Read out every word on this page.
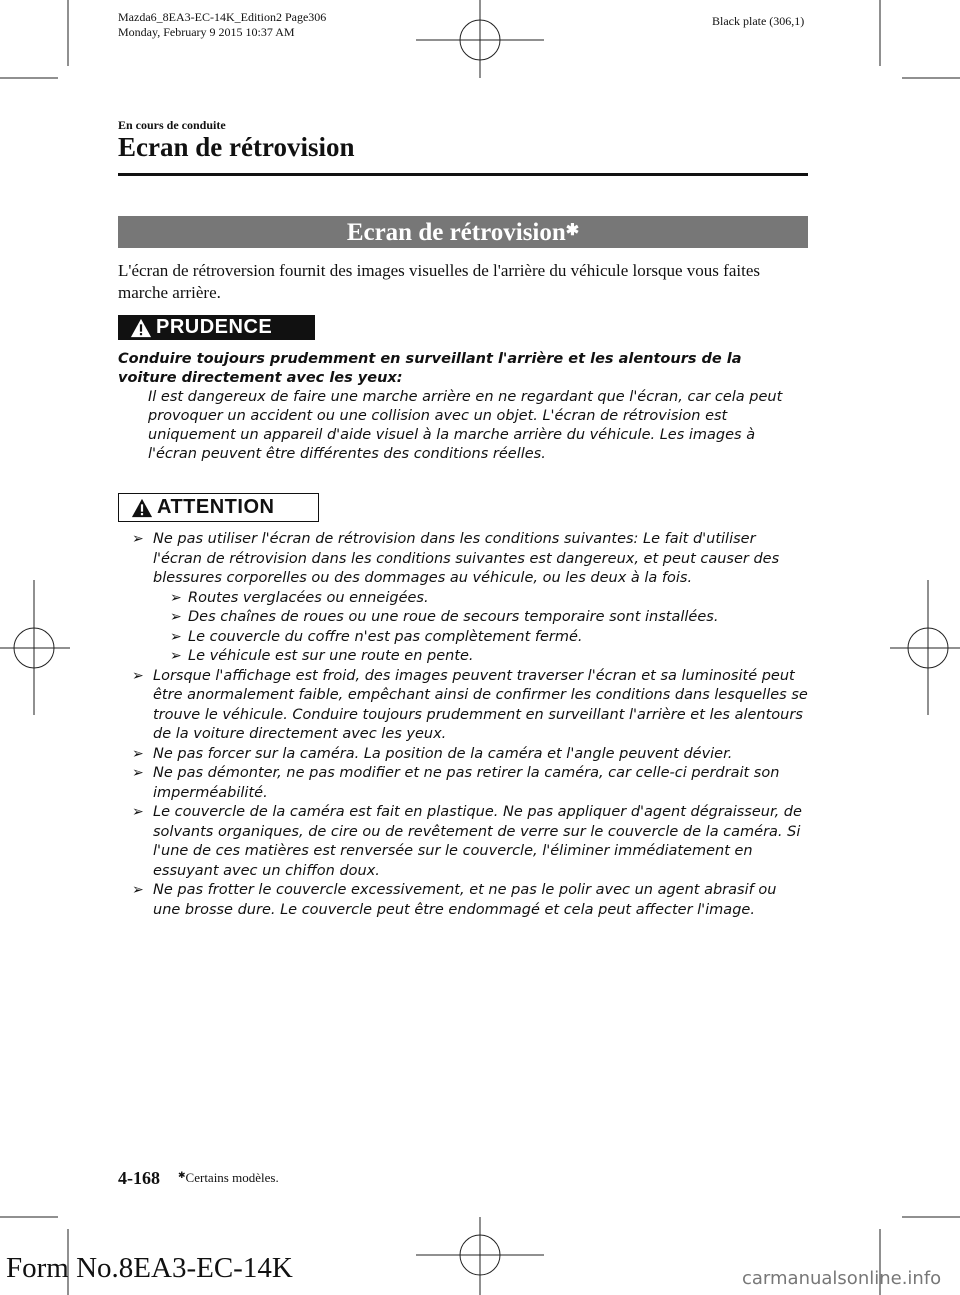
Mazda6_8EA3-EC-14K_Edition2 Page306
Monday, February 9 2015 10:37 AM
Black plate (306,1)
En cours de conduite
Ecran de rétrovision
Ecran de rétrovision✱
L'écran de rétroversion fournit des images visuelles de l'arrière du véhicule lorsque vous faites marche arrière.
PRUDENCE
Conduire toujours prudemment en surveillant l'arrière et les alentours de la voiture directement avec les yeux:
Il est dangereux de faire une marche arrière en ne regardant que l'écran, car cela peut provoquer un accident ou une collision avec un objet. L'écran de rétrovision est uniquement un appareil d'aide visuel à la marche arrière du véhicule. Les images à l'écran peuvent être différentes des conditions réelles.
ATTENTION
➢ Ne pas utiliser l'écran de rétrovision dans les conditions suivantes: Le fait d'utiliser l'écran de rétrovision dans les conditions suivantes est dangereux, et peut causer des blessures corporelles ou des dommages au véhicule, ou les deux à la fois.
➢ Routes verglacées ou enneigées.
➢ Des chaînes de roues ou une roue de secours temporaire sont installées.
➢ Le couvercle du coffre n'est pas complètement fermé.
➢ Le véhicule est sur une route en pente.
➢ Lorsque l'affichage est froid, des images peuvent traverser l'écran et sa luminosité peut être anormalement faible, empêchant ainsi de confirmer les conditions dans lesquelles se trouve le véhicule. Conduire toujours prudemment en surveillant l'arrière et les alentours de la voiture directement avec les yeux.
➢ Ne pas forcer sur la caméra. La position de la caméra et l'angle peuvent dévier.
➢ Ne pas démonter, ne pas modifier et ne pas retirer la caméra, car celle-ci perdrait son imperméabilité.
➢ Le couvercle de la caméra est fait en plastique. Ne pas appliquer d'agent dégraisseur, de solvants organiques, de cire ou de revêtement de verre sur le couvercle de la caméra. Si l'une de ces matières est renversée sur le couvercle, l'éliminer immédiatement en essuyant avec un chiffon doux.
➢ Ne pas frotter le couvercle excessivement, et ne pas le polir avec un agent abrasif ou une brosse dure. Le couvercle peut être endommagé et cela peut affecter l'image.
4-168 ✱Certains modèles.
Form No.8EA3-EC-14K	carmanualsonline.info
